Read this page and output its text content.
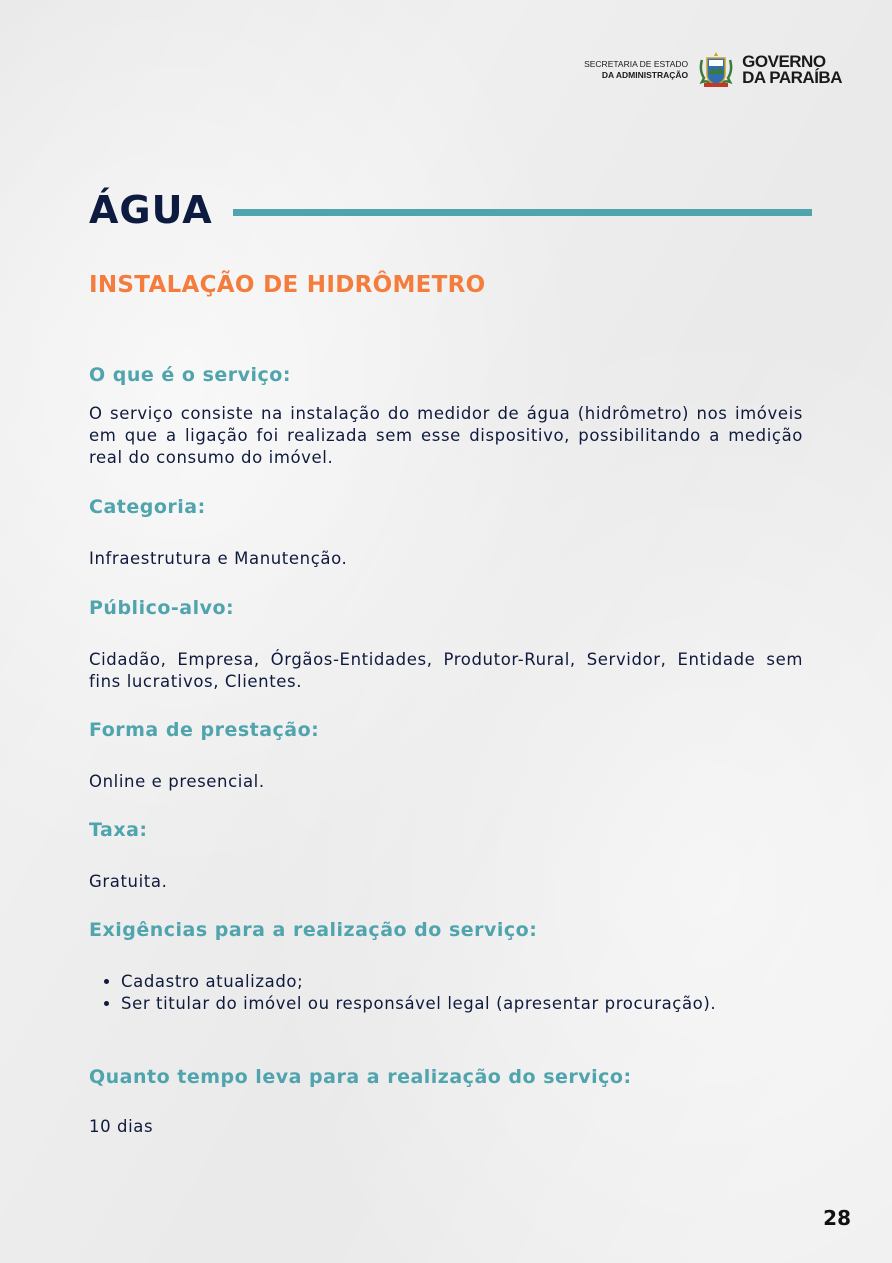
SECRETARIA DE ESTADO
DA ADMINISTRAÇÃO
GOVERNO
DA PARAÍBA
ÁGUA
INSTALAÇÃO DE HIDRÔMETRO
O que é o serviço:
O serviço consiste na instalação do medidor de água (hidrômetro) nos imóveis em que a ligação foi realizada sem esse dispositivo, possibilitando a medição real do consumo do imóvel.
Categoria:
Infraestrutura e Manutenção.
Público-alvo:
Cidadão, Empresa, Órgãos-Entidades, Produtor-Rural, Servidor, Entidade sem fins lucrativos, Clientes.
Forma de prestação:
Online e presencial.
Taxa:
Gratuita.
Exigências para a realização do serviço:
• Cadastro atualizado;
• Ser titular do imóvel ou responsável legal (apresentar procuração).
Quanto tempo leva para a realização do serviço:
10 dias
28
